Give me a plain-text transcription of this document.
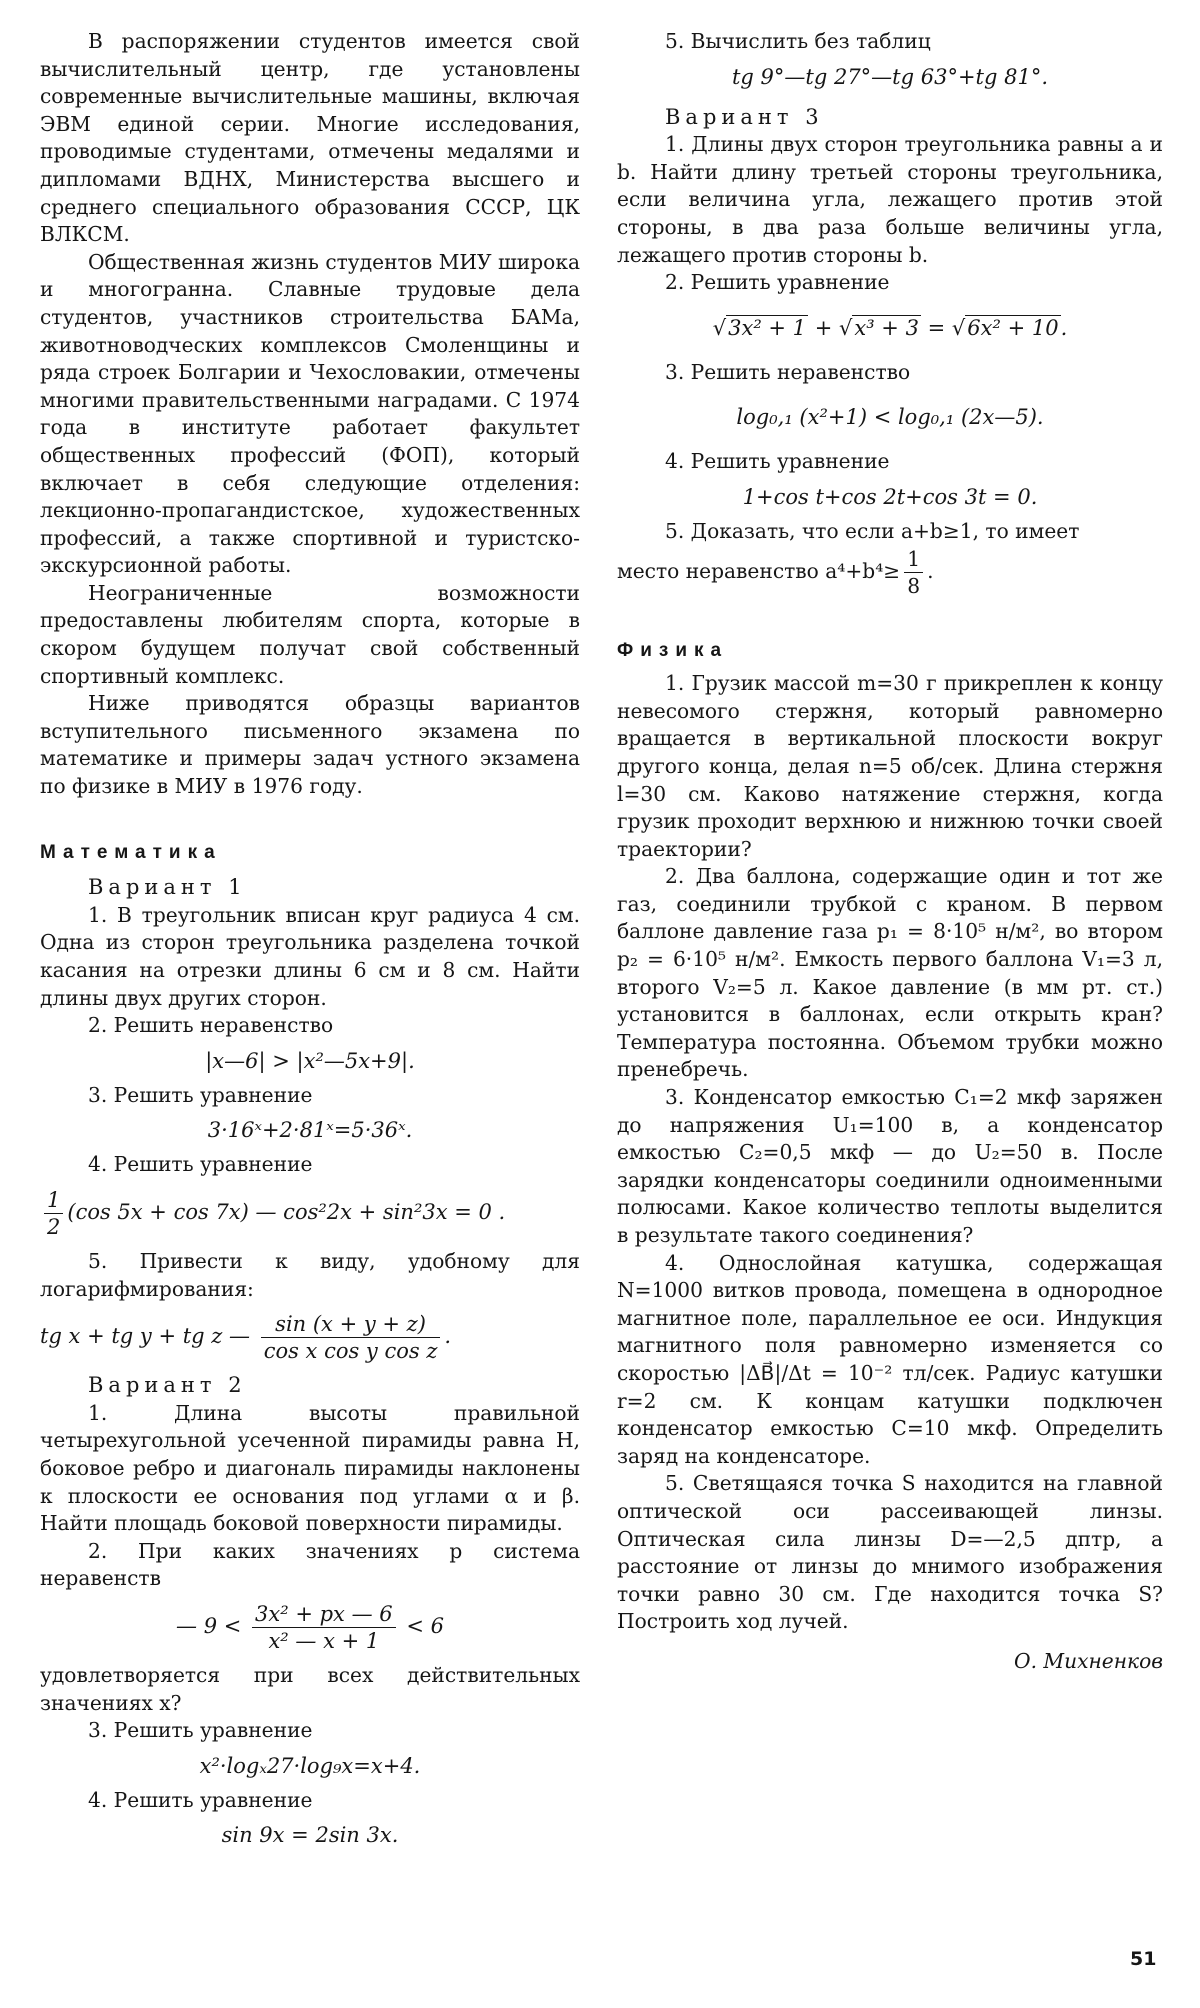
В распоряжении студентов имеется свой вычислительный центр, где установлены современные вычислительные машины, включая ЭВМ единой серии. Многие исследования, проводимые студентами, отмечены медалями и дипломами ВДНХ, Министерства высшего и среднего специального образования СССР, ЦК ВЛКСМ.

Общественная жизнь студентов МИУ широка и многогранна. Славные трудовые дела студентов, участников строительства БАМа, животноводческих комплексов Смоленщины и ряда строек Болгарии и Чехословакии, отмечены многими правительственными наградами. С 1974 года в институте работает факультет общественных профессий (ФОП), который включает в себя следующие отделения: лекционно-пропагандистское, художественных профессий, а также спортивной и туристско-экскурсионной работы.

Неограниченные возможности предоставлены любителям спорта, которые в скором будущем получат свой собственный спортивный комплекс.

Ниже приводятся образцы вариантов вступительного письменного экзамена по математике и примеры задач устного экзамена по физике в МИУ в 1976 году.

Математика

Вариант 1

1. В треугольник вписан круг радиуса 4 см. Одна из сторон треугольника разделена точкой касания на отрезки длины 6 см и 8 см. Найти длины двух других сторон.

2. Решить неравенство

|x—6| > |x²—5x+9|.

3. Решить уравнение

3·16ˣ+2·81ˣ=5·36ˣ.

4. Решить уравнение

$\frac{1}{2} (\cos$ 5x + cos 7x) — cos²2x + sin²3x = 0 .

5. Привести к виду, удобному для логарифмирования:

tg x + tg y + tg z — $\frac{\sin (x + y + z)}{\text{cos x cos y cos z}}$ .

Вариант 2

1. Длина высоты правильной четырехугольной усеченной пирамиды равна H, боковое ребро и диагональ пирамиды наклонены к плоскости ее основания под углами α и β. Найти площадь боковой поверхности пирамиды.

2. При каких значениях p система неравенств

— $9 < \frac{\text{3x² + px — 6}}{\text{x² — x + 1}} < 6$

удовлетворяется при всех действительных значениях x?

3. Решить уравнение

x²·logₓ27·log₉x=x+4.

4. Решить уравнение

sin 9x = 2sin 3x.

5. Вычислить без таблиц

tg 9°—tg 27°—tg 63°+tg 81°.

Вариант 3

1. Длины двух сторон треугольника равны a и b. Найти длину третьей стороны треугольника, если величина угла, лежащего против этой стороны, в два раза больше величины угла, лежащего против стороны b.

2. Решить уравнение

√3x² + 1 + √x³ + 3 = √6x² + 10.

3. Решить неравенство

log₀,₁ (x²+1) < log₀,₁ (2x—5).

4. Решить уравнение

1+cos t+cos 2t+cos 3t = 0.

5. Доказать, что если a+b≥1, то имеет

место неравенство $a^4+b^4\ge \frac{1}{8}$ .

Физика

1. Грузик массой m=30 г прикреплен к концу невесомого стержня, который равномерно вращается в вертикальной плоскости вокруг другого конца, делая n=5 об/сек. Длина стержня l=30 см. Каково натяжение стержня, когда грузик проходит верхнюю и нижнюю точки своей траектории?

2. Два баллона, содержащие один и тот же газ, соединили трубкой с краном. В первом баллоне давление газа p₁ = 8·10⁵ н/м², во втором p₂ = 6·10⁵ н/м². Емкость первого баллона V₁=3 л, второго V₂=5 л. Какое давление (в мм рт. ст.) установится в баллонах, если открыть кран? Температура постоянна. Объемом трубки можно пренебречь.

3. Конденсатор емкостью C₁=2 мкф заряжен до напряжения U₁=100 в, а конденсатор емкостью C₂=0,5 мкф — до U₂=50 в. После зарядки конденсаторы соединили одноименными полюсами. Какое количество теплоты выделится в результате такого соединения?

4. Однослойная катушка, содержащая N=1000 витков провода, помещена в однородное магнитное поле, параллельное ее оси. Индукция магнитного поля равномерно изменяется со скоростью |ΔB⃗|/Δt = 10⁻² тл/сек. Радиус катушки r=2 см. К концам катушки подключен конденсатор емкостью C=10 мкф. Определить заряд на конденсаторе.

5. Светящаяся точка S находится на главной оптической оси рассеивающей линзы. Оптическая сила линзы D=—2,5 дптр, а расстояние от линзы до мнимого изображения точки равно 30 см. Где находится точка S? Построить ход лучей.

О. Михненков

51
